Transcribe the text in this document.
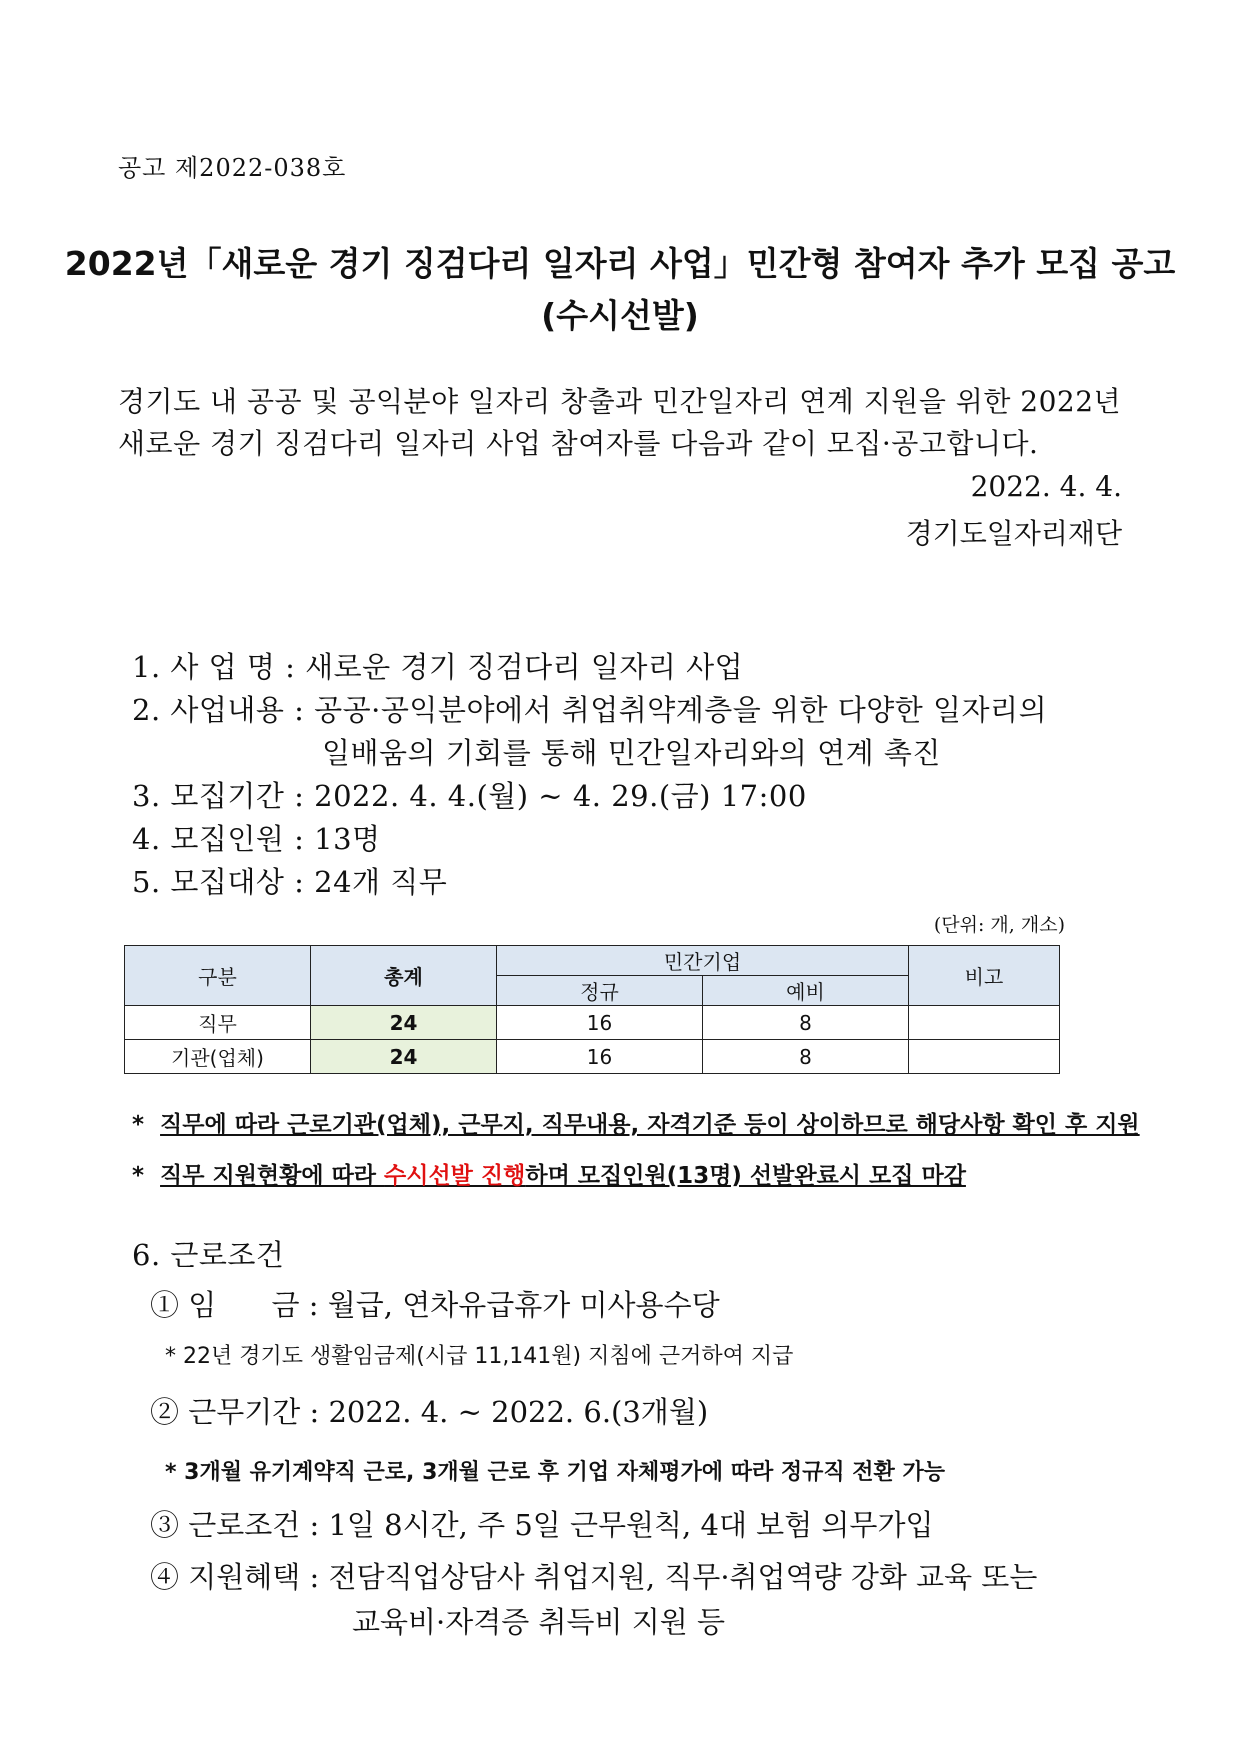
공고 제2022-038호
2022년「새로운 경기 징검다리 일자리 사업」민간형 참여자 추가 모집 공고
(수시선발)
경기도 내 공공 및 공익분야 일자리 창출과 민간일자리 연계 지원을 위한 2022년
새로운 경기 징검다리 일자리 사업 참여자를 다음과 같이 모집·공고합니다.
2022. 4. 4.
경기도일자리재단
1. 사 업 명 : 새로운 경기 징검다리 일자리 사업
2. 사업내용 : 공공·공익분야에서 취업취약계층을 위한 다양한 일자리의
일배움의 기회를 통해 민간일자리와의 연계 촉진
3. 모집기간 : 2022. 4. 4.(월) ~ 4. 29.(금) 17:00
4. 모집인원 : 13명
5. 모집대상 : 24개 직무
(단위: 개, 개소)
구분	총계	민간기업		비고
		정규	예비	
직무	24	16	8	
기관(업체)	24	16	8	
*  직무에 따라 근로기관(업체), 근무지, 직무내용, 자격기준 등이 상이하므로 해당사항 확인 후 지원
*  직무 지원현황에 따라 수시선발 진행하며 모집인원(13명) 선발완료시 모집 마감
6. 근로조건
① 임      금 : 월급, 연차유급휴가 미사용수당
* 22년 경기도 생활임금제(시급 11,141원) 지침에 근거하여 지급
② 근무기간 : 2022. 4. ~ 2022. 6.(3개월)
* 3개월 유기계약직 근로, 3개월 근로 후 기업 자체평가에 따라 정규직 전환 가능
③ 근로조건 : 1일 8시간, 주 5일 근무원칙, 4대 보험 의무가입
④ 지원혜택 : 전담직업상담사 취업지원, 직무·취업역량 강화 교육 또는
교육비·자격증 취득비 지원 등
